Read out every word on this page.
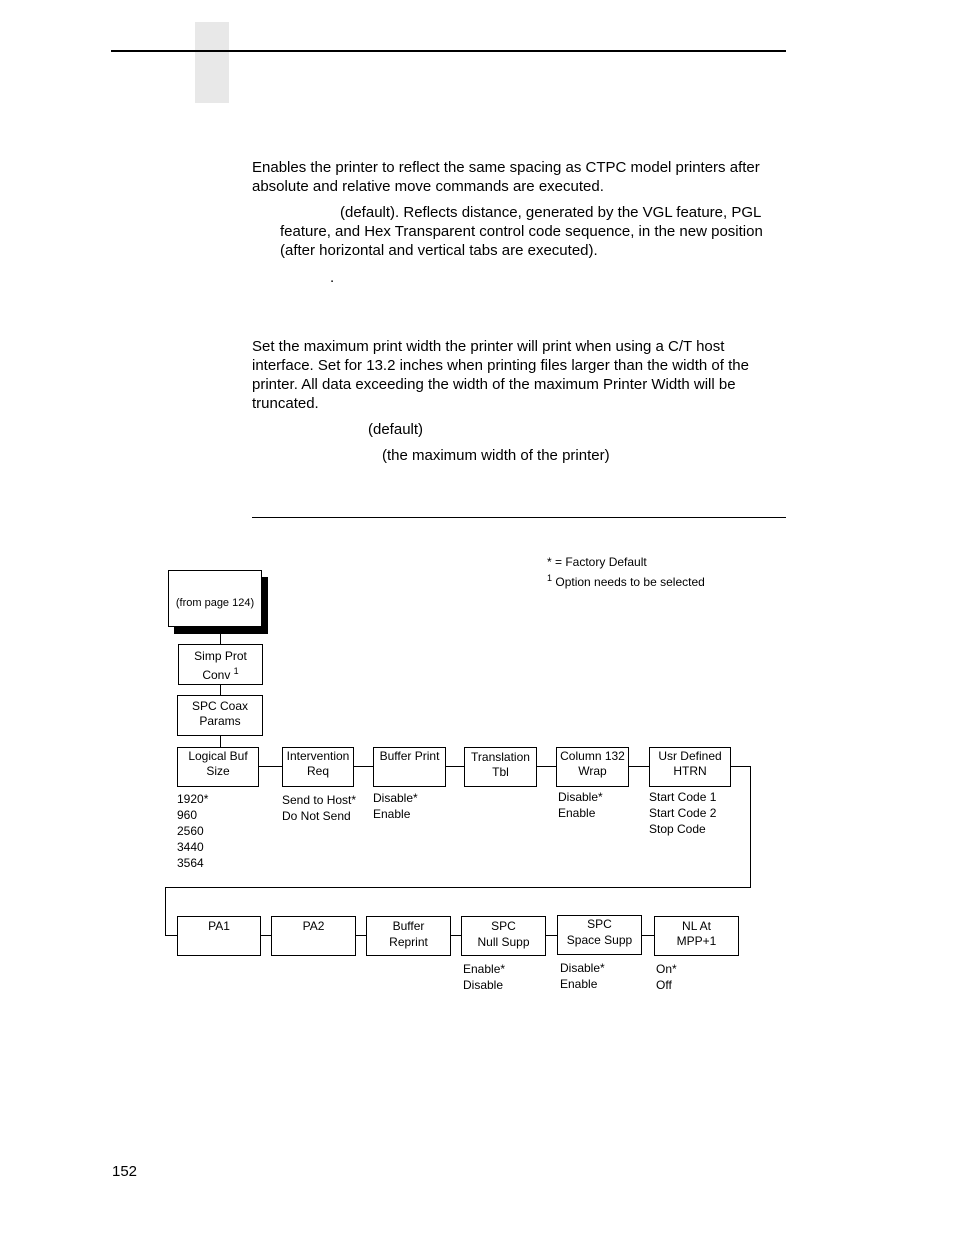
Enables the printer to reflect the same spacing as CTPC model printers after absolute and relative move commands are executed.
(default). Reflects distance, generated by the VGL feature, PGL
feature, and Hex Transparent control code sequence, in the new position
(after horizontal and vertical tabs are executed).
.
Set the maximum print width the printer will print when using a C/T host
interface. Set for 13.2 inches when printing files larger than the width of the
printer. All data exceeding the width of the maximum Printer Width will be
truncated.
(default)
(the maximum width of the printer)
* = Factory Default
$^1$ Option needs to be selected
(from page 124)
Simp Prot
Conv $^1$
SPC Coax
Params
Logical Buf
Size
Intervention
Req
Buffer Print	Translation
Tbl
Column 132
Wrap
Usr Defined
HTRN
1920*
960
2560
3440
3564
Send to Host*
Do Not Send
Disable*
Enable
Disable*
Enable
Start Code 1
Start Code 2
Stop Code
PA1	PA2	Buffer
Reprint
SPC
Null Supp
SPC
Space Supp
NL At
MPP+1
Enable*
Disable
Disable*
Enable
On*
Off
152
